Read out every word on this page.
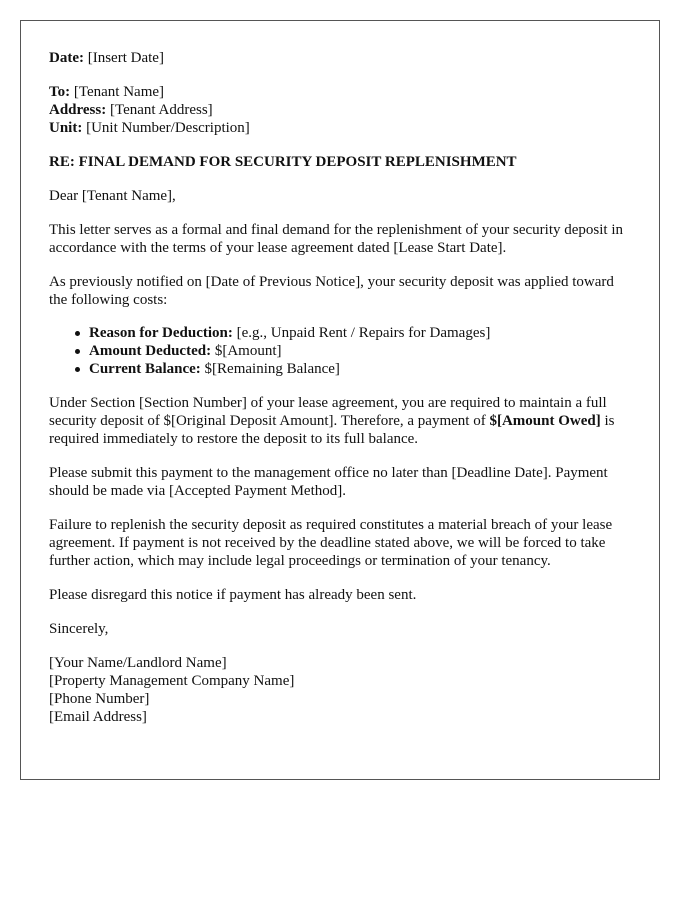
Date: [Insert Date]

To: [Tenant Name]

Address: [Tenant Address]

Unit: [Unit Number/Description]

RE: FINAL DEMAND FOR SECURITY DEPOSIT REPLENISHMENT

Dear [Tenant Name],

This letter serves as a formal and final demand for the replenishment of your security deposit in accordance with the terms of your lease agreement dated [Lease Start Date].

As previously notified on [Date of Previous Notice], your security deposit was applied toward the following costs:

Reason for Deduction: [e.g., Unpaid Rent / Repairs for Damages]
Amount Deducted: $[Amount]
Current Balance: $[Remaining Balance]

Under Section [Section Number] of your lease agreement, you are required to maintain a full security deposit of $[Original Deposit Amount]. Therefore, a payment of $[Amount Owed] is required immediately to restore the deposit to its full balance.

Please submit this payment to the management office no later than [Deadline Date]. Payment should be made via [Accepted Payment Method].

Failure to replenish the security deposit as required constitutes a material breach of your lease agreement. If payment is not received by the deadline stated above, we will be forced to take further action, which may include legal proceedings or termination of your tenancy.

Please disregard this notice if payment has already been sent.

Sincerely,

[Your Name/Landlord Name]
[Property Management Company Name]
[Phone Number]
[Email Address]
